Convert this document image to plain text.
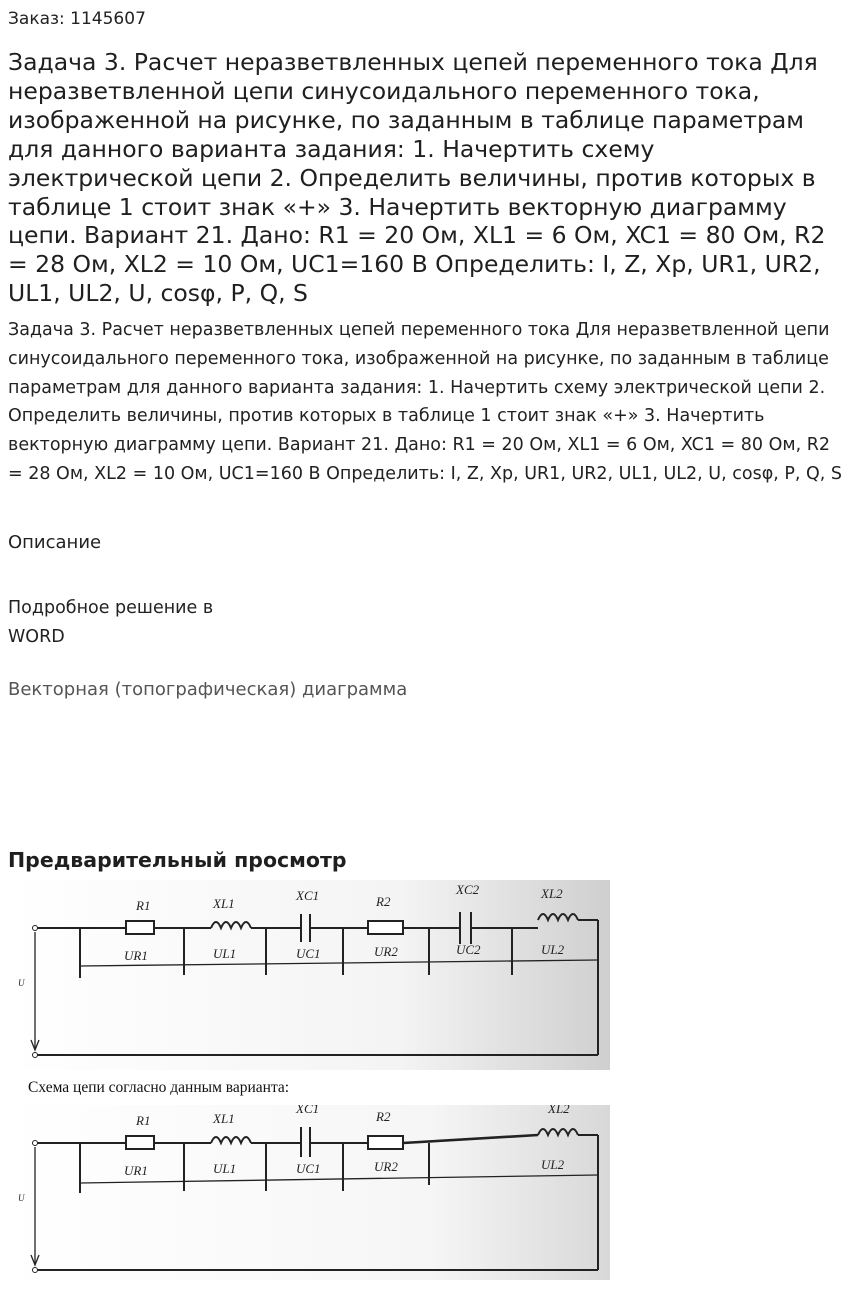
Заказ: 1145607
Задача 3. Расчет неразветвленных цепей переменного тока Для неразветвленной цепи синусоидального переменного тока, изображенной на рисунке, по заданным в таблице параметрам для данного варианта задания: 1. Начертить схему электрической цепи 2. Определить величины, против которых в таблице 1 стоит знак «+» 3. Начертить векторную диаграмму цепи. Вариант 21. Дано: R1 = 20 Ом, XL1 = 6 Ом, XC1 = 80 Ом, R2 = 28 Ом, XL2 = 10 Ом, UC1=160 В Определить: I, Z, Xp, UR1, UR2, UL1, UL2, U, cosφ, P, Q, S
Задача 3. Расчет неразветвленных цепей переменного тока Для неразветвленной цепи синусоидального переменного тока, изображенной на рисунке, по заданным в таблице параметрам для данного варианта задания: 1. Начертить схему электрической цепи 2. Определить величины, против которых в таблице 1 стоит знак «+» 3. Начертить векторную диаграмму цепи. Вариант 21. Дано: R1 = 20 Ом, XL1 = 6 Ом, XC1 = 80 Ом, R2 = 28 Ом, XL2 = 10 Ом, UC1=160 В Определить: I, Z, Xp, UR1, UR2, UL1, UL2, U, cosφ, P, Q, S
Описание
Подробное решение в WORD
Векторная (топографическая) диаграмма
Предварительный просмотр
R1	XL1
XC1	R2
XC2	XL2
UR1	UL1	UC1	UR2	UC2	UL2
U
Схема цепи согласно данным варианта:
R1	XL1
XC1
R2
XL2
UR1	UL1	UC1	UR2	UL2
U
